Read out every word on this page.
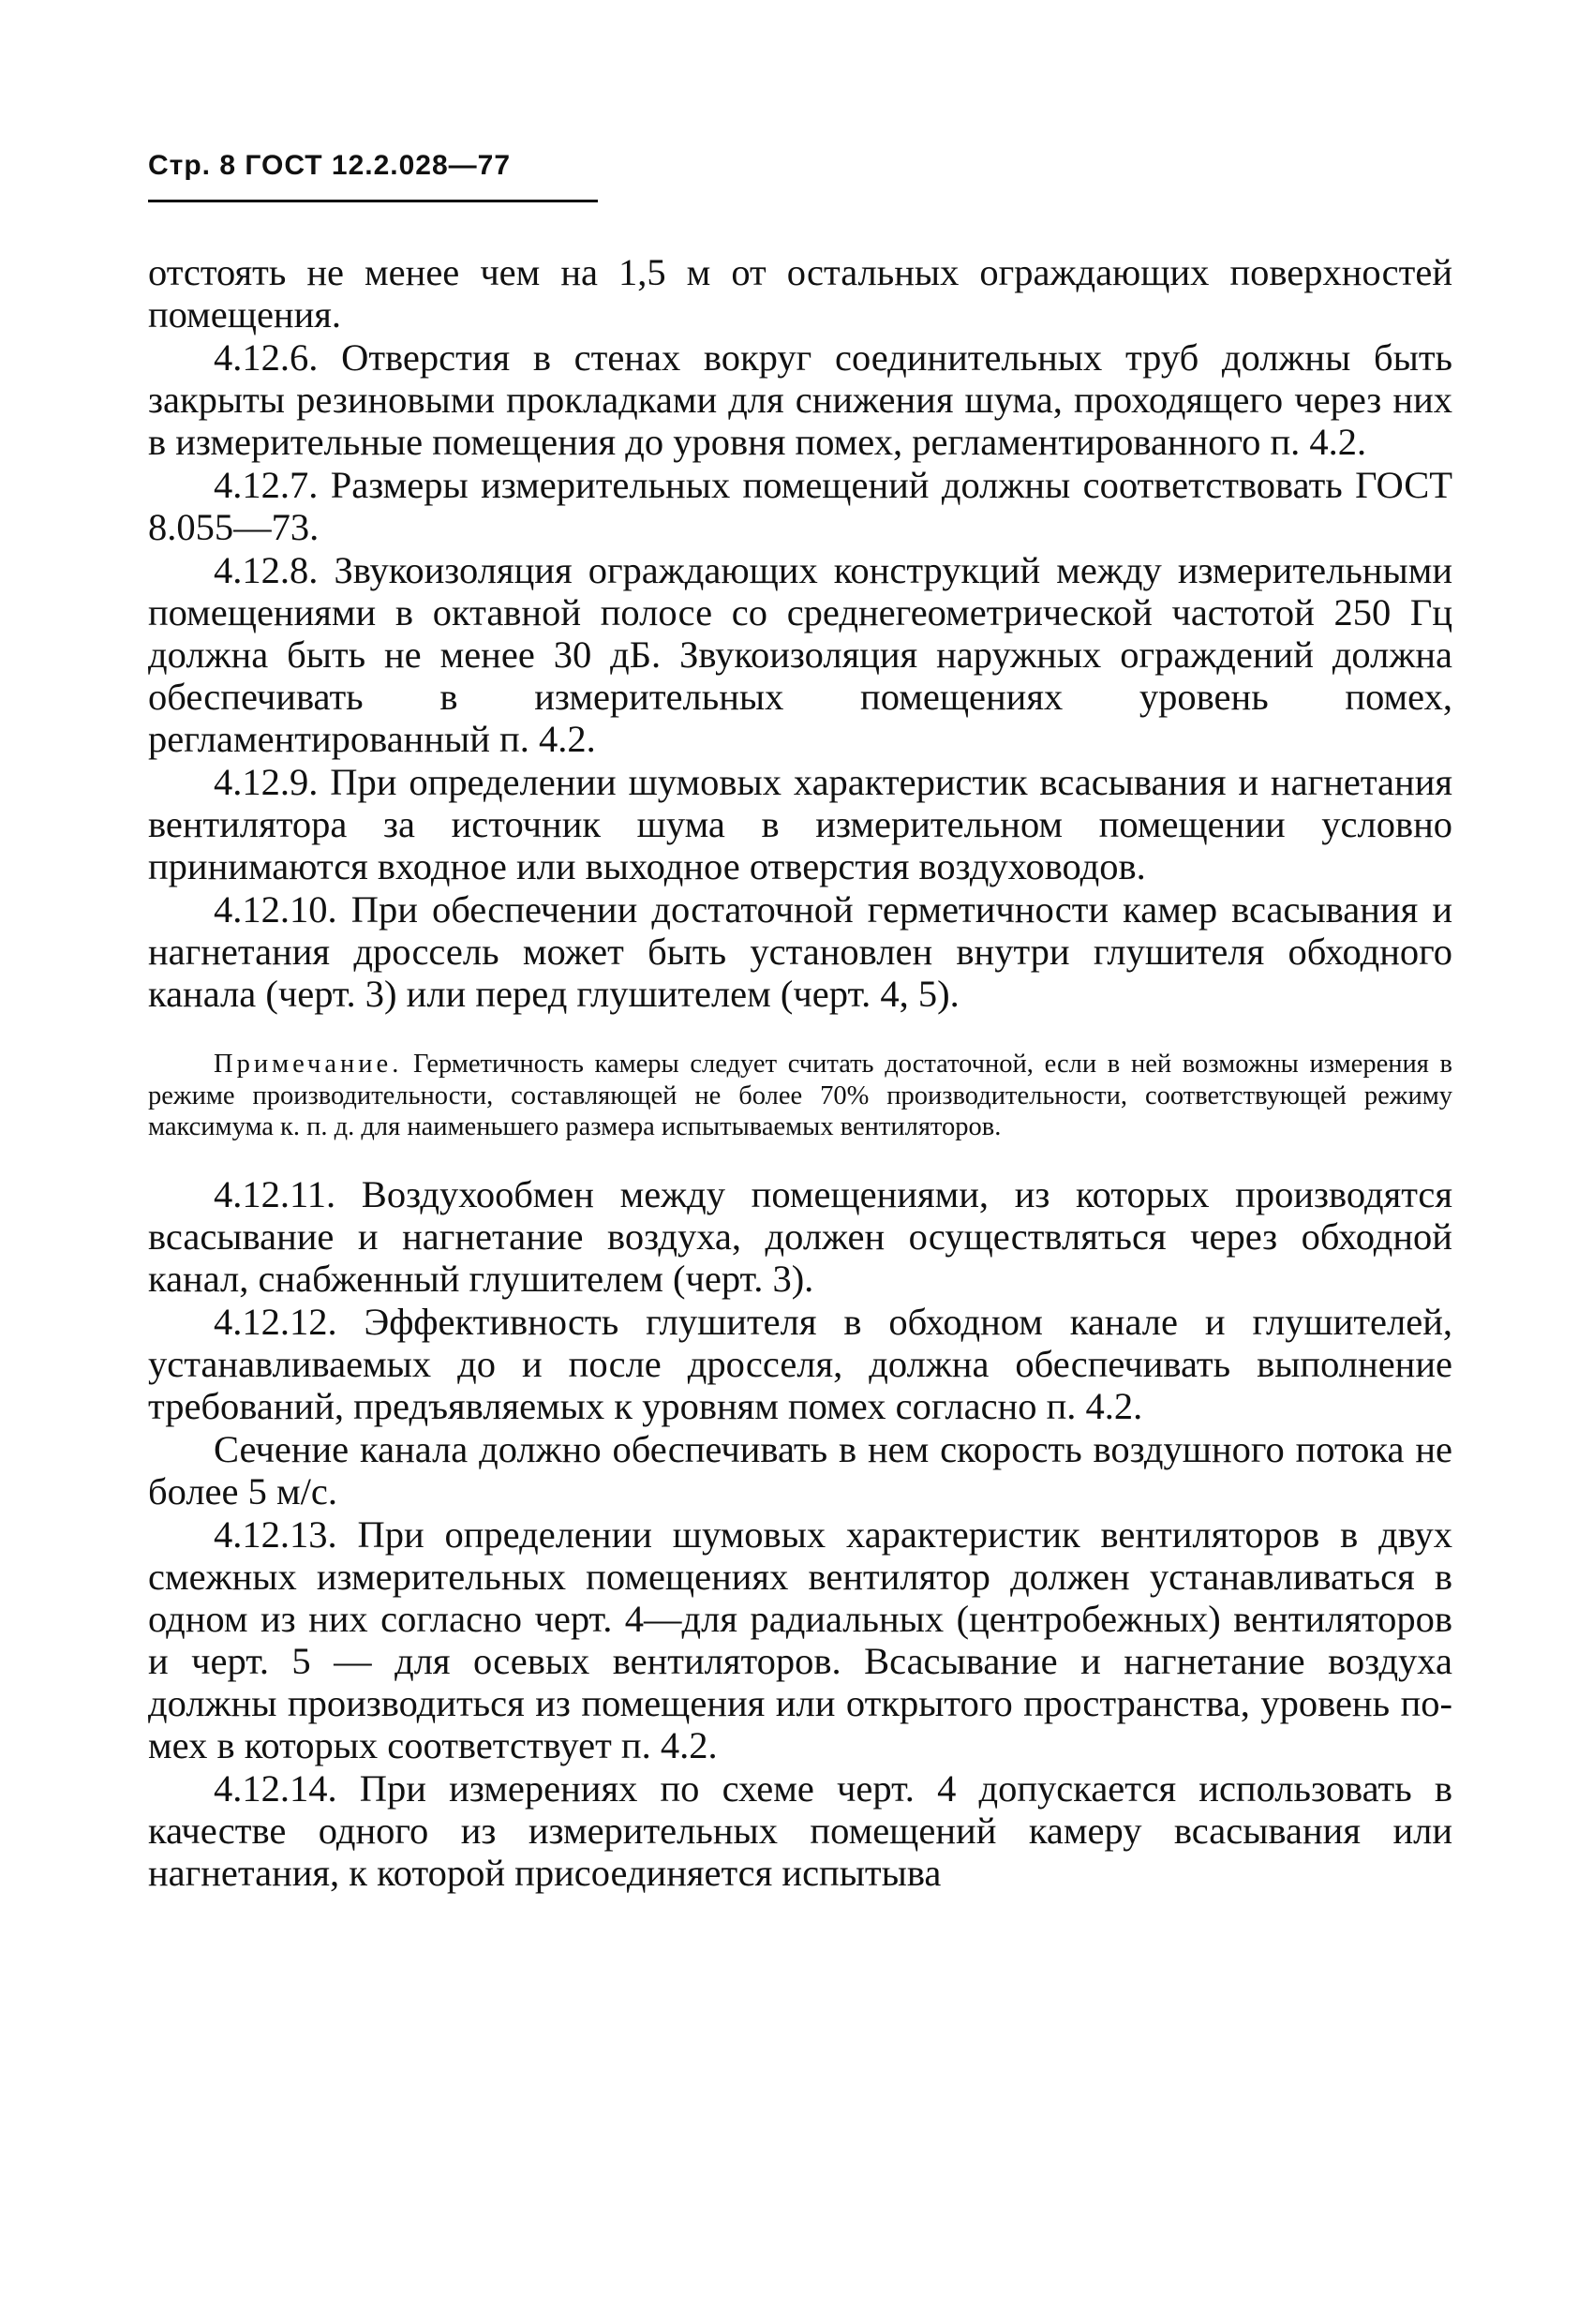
Стр. 8 ГОСТ 12.2.028—77

отстоять не менее чем на 1,5 м от остальных ограждающих поверхностей помещения.

4.12.6. Отверстия в стенах вокруг соединительных труб должны быть закрыты резиновыми прокладками для снижения шума, проходящего через них в измерительные помещения до уровня помех, регламентированного п. 4.2.

4.12.7. Размеры измерительных помещений должны соответствовать ГОСТ 8.055—73.

4.12.8. Звукоизоляция ограждающих конструкций между измерительными помещениями в октавной полосе со среднегеометрической частотой 250 Гц должна быть не менее 30 дБ. Звукоизоляция наружных ограждений должна обеспечивать в измерительных помещениях уровень помех, регламентированный п. 4.2.

4.12.9. При определении шумовых характеристик всасывания и нагнетания вентилятора за источник шума в измерительном помещении условно принимаются входное или выходное отверстия воздуховодов.

4.12.10. При обеспечении достаточной герметичности камер всасывания и нагнетания дроссель может быть установлен внутри глушителя обходного канала (черт. 3) или перед глушителем (черт. 4, 5).

Примечание. Герметичность камеры следует считать достаточной, если в ней возможны измерения в режиме производительности, составляющей не более 70% производительности, соответствующей режиму максимума к. п. д. для наименьшего размера испытываемых вентиляторов.

4.12.11. Воздухообмен между помещениями, из которых производятся всасывание и нагнетание воздуха, должен осуществляться через обходной канал, снабженный глушителем (черт. 3).

4.12.12. Эффективность глушителя в обходном канале и глушителей, устанавливаемых до и после дросселя, должна обеспечивать выполнение требований, предъявляемых к уровням помех согласно п. 4.2.

Сечение канала должно обеспечивать в нем скорость воздушного потока не более 5 м/с.

4.12.13. При определении шумовых характеристик вентиляторов в двух смежных измерительных помещениях вентилятор должен устанавливаться в одном из них согласно черт. 4—для радиальных (центробежных) вентиляторов и черт. 5 — для осевых вентиляторов. Всасывание и нагнетание воздуха должны производиться из помещения или открытого пространства, уровень помех в которых соответствует п. 4.2.

4.12.14. При измерениях по схеме черт. 4 допускается использовать в качестве одного из измерительных помещений камеру всасывания или нагнетания, к которой присоединяется испытыва
